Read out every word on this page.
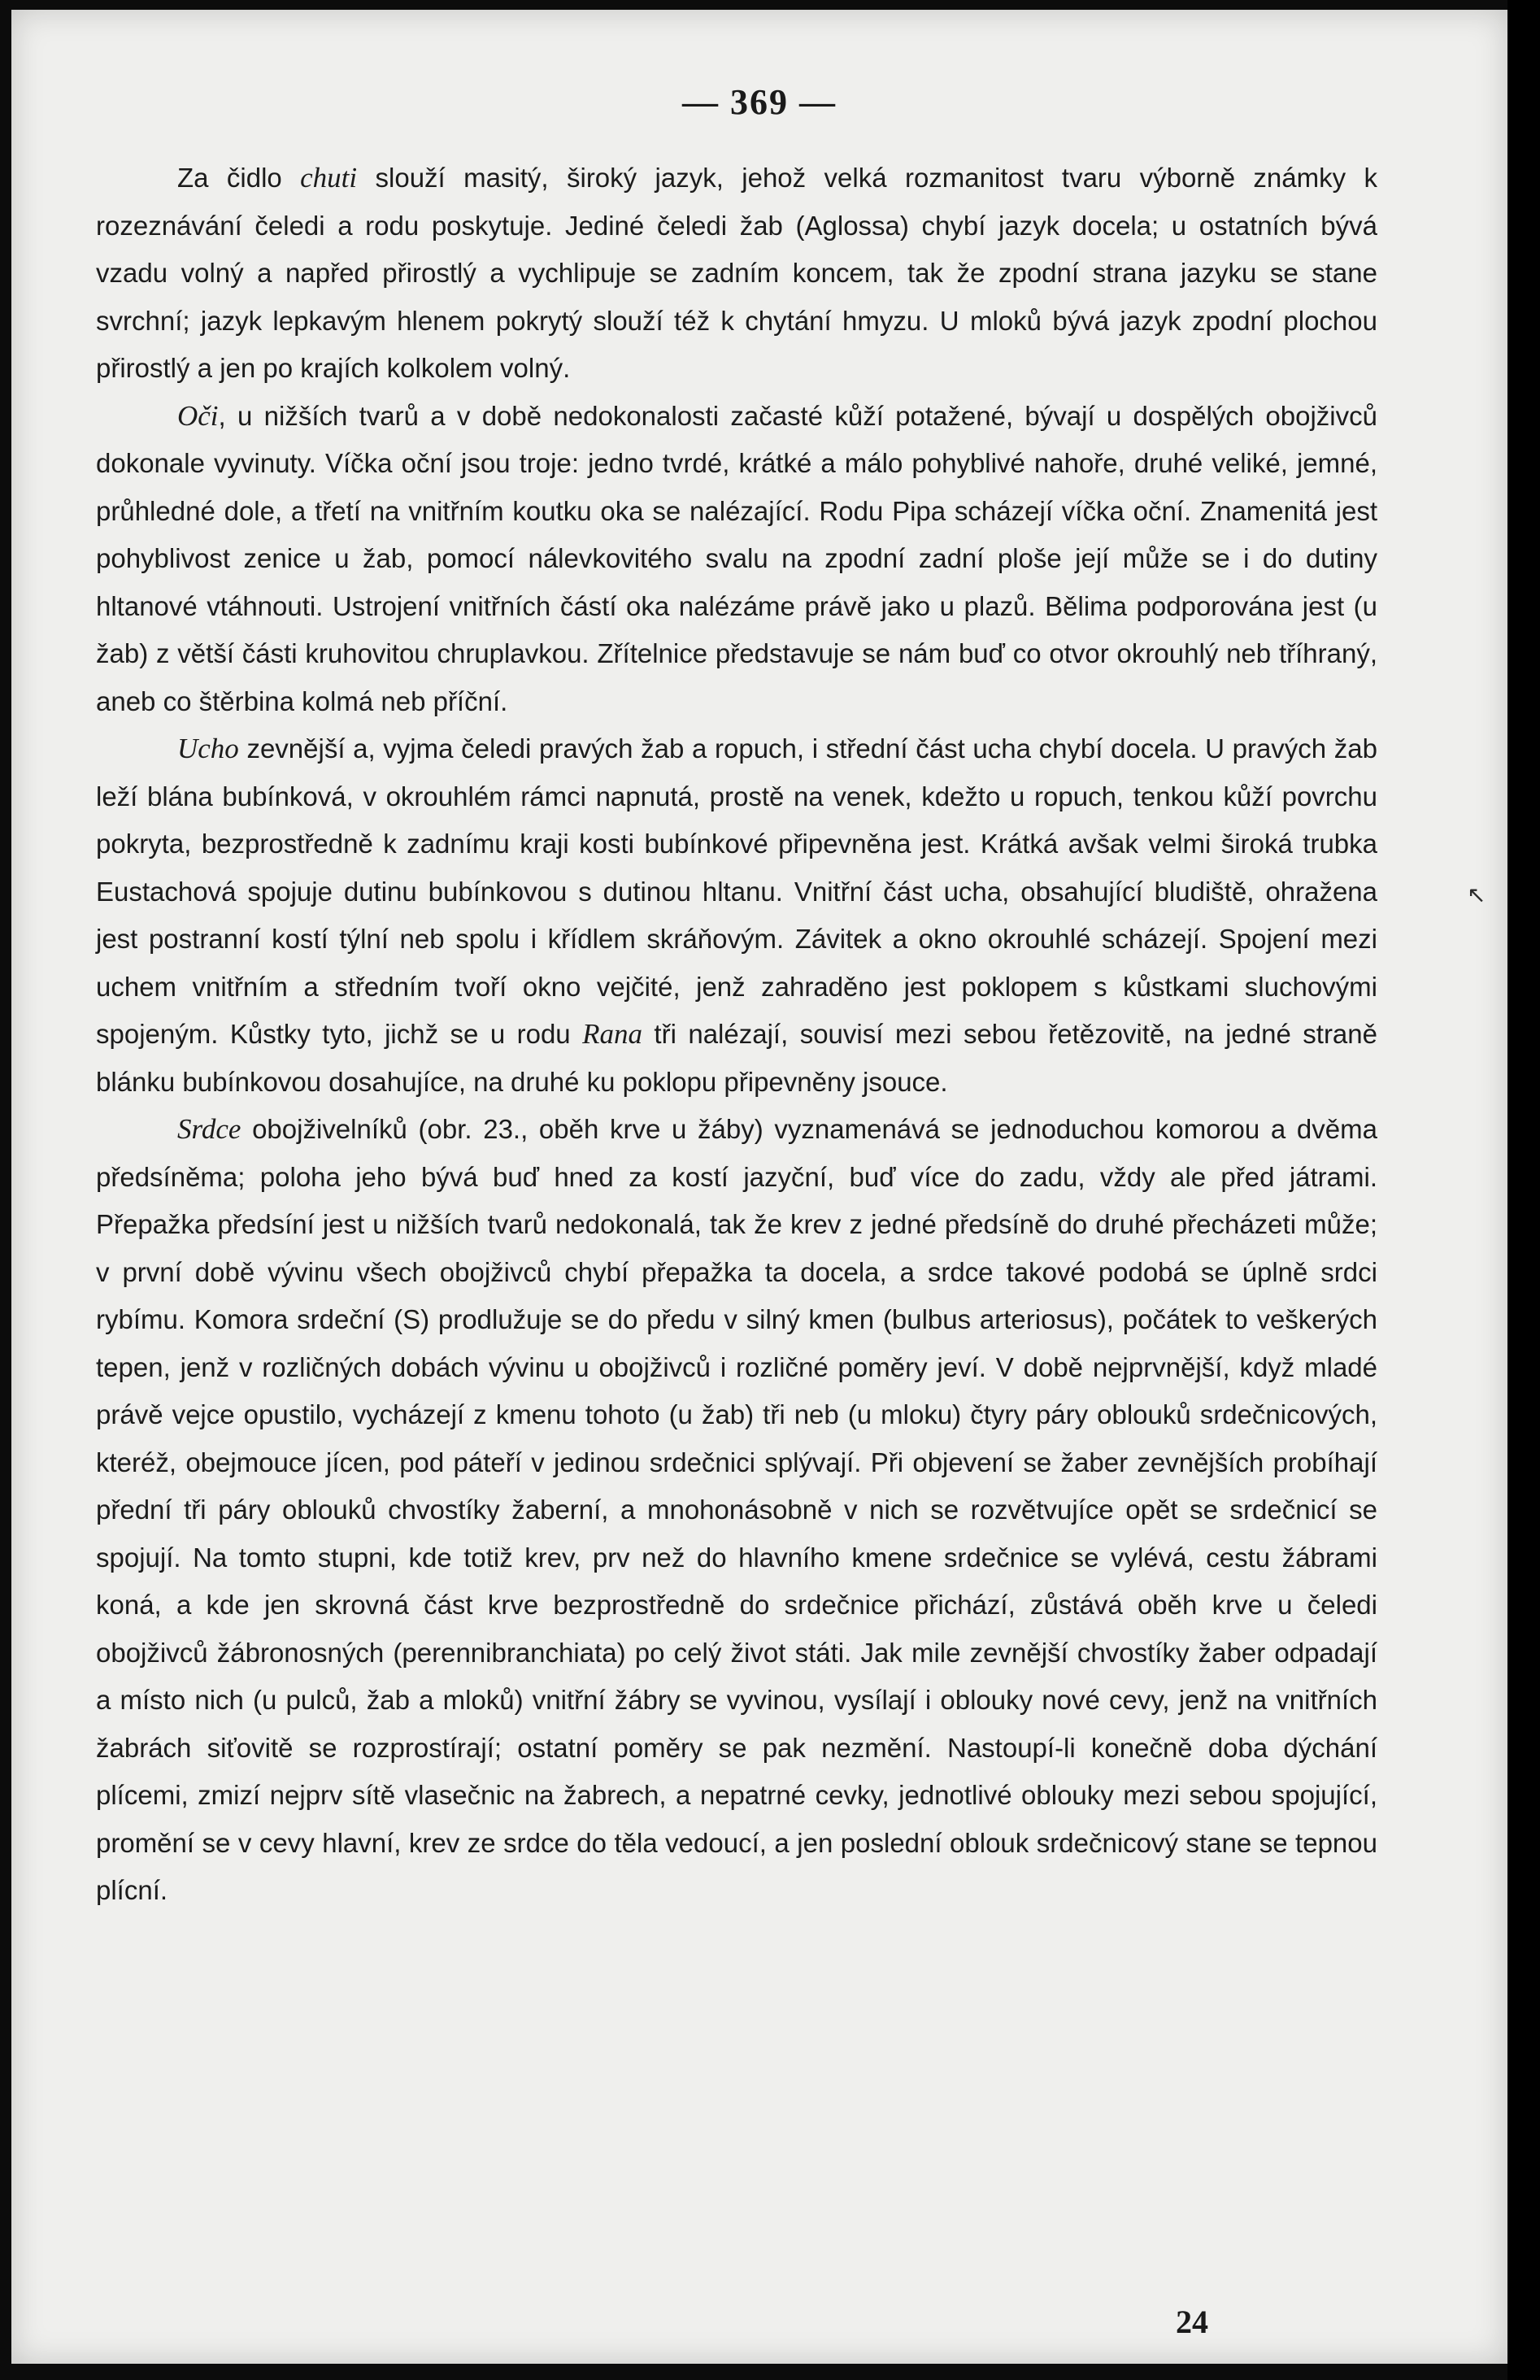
— 369 —

Za čidlo chuti slouží masitý, široký jazyk, jehož velká rozmanitost tvaru výborně známky k rozeznávání čeledi a rodu poskytuje. Jediné čeledi žab (Aglossa) chybí jazyk docela; u ostatních bývá vzadu volný a napřed přirostlý a vychlipuje se zadním koncem, tak že zpodní strana jazyku se stane svrchní; jazyk lepkavým hlenem pokrytý slouží též k chytání hmyzu. U mloků bývá jazyk zpodní plochou přirostlý a jen po krajích kolkolem volný.

Oči, u nižších tvarů a v době nedokonalosti začasté kůží potažené, bývají u dospělých obojživců dokonale vyvinuty. Víčka oční jsou troje: jedno tvrdé, krátké a málo pohyblivé nahoře, druhé veliké, jemné, průhledné dole, a třetí na vnitřním koutku oka se nalézající. Rodu Pipa scházejí víčka oční. Znamenitá jest pohyblivost zenice u žab, pomocí nálevkovitého svalu na zpodní zadní ploše její může se i do dutiny hltanové vtáhnouti. Ustrojení vnitřních částí oka nalézáme právě jako u plazů. Bělima podporována jest (u žab) z větší části kruhovitou chruplavkou. Zřítelnice představuje se nám buď co otvor okrouhlý neb tříhraný, aneb co štěrbina kolmá neb příční.

Ucho zevnější a, vyjma čeledi pravých žab a ropuch, i střední část ucha chybí docela. U pravých žab leží blána bubínková, v okrouhlém rámci napnutá, prostě na venek, kdežto u ropuch, tenkou kůží povrchu pokryta, bezprostředně k zadnímu kraji kosti bubínkové připevněna jest. Krátká avšak velmi široká trubka Eustachová spojuje dutinu bubínkovou s dutinou hltanu. Vnitřní část ucha, obsahující bludiště, ohražena jest postranní kostí týlní neb spolu i křídlem skráňovým. Závitek a okno okrouhlé scházejí. Spojení mezi uchem vnitřním a středním tvoří okno vejčité, jenž zahraděno jest poklopem s kůstkami sluchovými spojeným. Kůstky tyto, jichž se u rodu Rana tři nalézají, souvisí mezi sebou řetězovitě, na jedné straně blánku bubínkovou dosahujíce, na druhé ku poklopu připevněny jsouce.

Srdce obojživelníků (obr. 23., oběh krve u žáby) vyznamenává se jednoduchou komorou a dvěma předsíněma; poloha jeho bývá buď hned za kostí jazyční, buď více do zadu, vždy ale před játrami. Přepažka předsíní jest u nižších tvarů nedokonalá, tak že krev z jedné předsíně do druhé přecházeti může; v první době vývinu všech obojživců chybí přepažka ta docela, a srdce takové podobá se úplně srdci rybímu. Komora srdeční (S) prodlužuje se do předu v silný kmen (bulbus arteriosus), počátek to veškerých tepen, jenž v rozličných dobách vývinu u obojživců i rozličné poměry jeví. V době nejprvnější, když mladé právě vejce opustilo, vycházejí z kmenu tohoto (u žab) tři neb (u mloku) čtyry páry oblouků srdečnicových, kteréž, obejmouce jícen, pod páteří v jedinou srdečnici splývají. Při objevení se žaber zevnějších probíhají přední tři páry oblouků chvostíky žaberní, a mnohonásobně v nich se rozvětvujíce opět se srdečnicí se spojují. Na tomto stupni, kde totiž krev, prv než do hlavního kmene srdečnice se vylévá, cestu žábrami koná, a kde jen skrovná část krve bezprostředně do srdečnice přichází, zůstává oběh krve u čeledi obojživců žábronosných (perennibranchiata) po celý život státi. Jak mile zevnější chvostíky žaber odpadají a místo nich (u pulců, žab a mloků) vnitřní žábry se vyvinou, vysílají i oblouky nové cevy, jenž na vnitřních žabrách siťovitě se rozprostírají; ostatní poměry se pak nezmění. Nastoupí-li konečně doba dýchání plícemi, zmizí nejprv sítě vlasečnic na žabrech, a nepatrné cevky, jednotlivé oblouky mezi sebou spojující, promění se v cevy hlavní, krev ze srdce do těla vedoucí, a jen poslední oblouk srdečnicový stane se tepnou plícní.

24
↖
